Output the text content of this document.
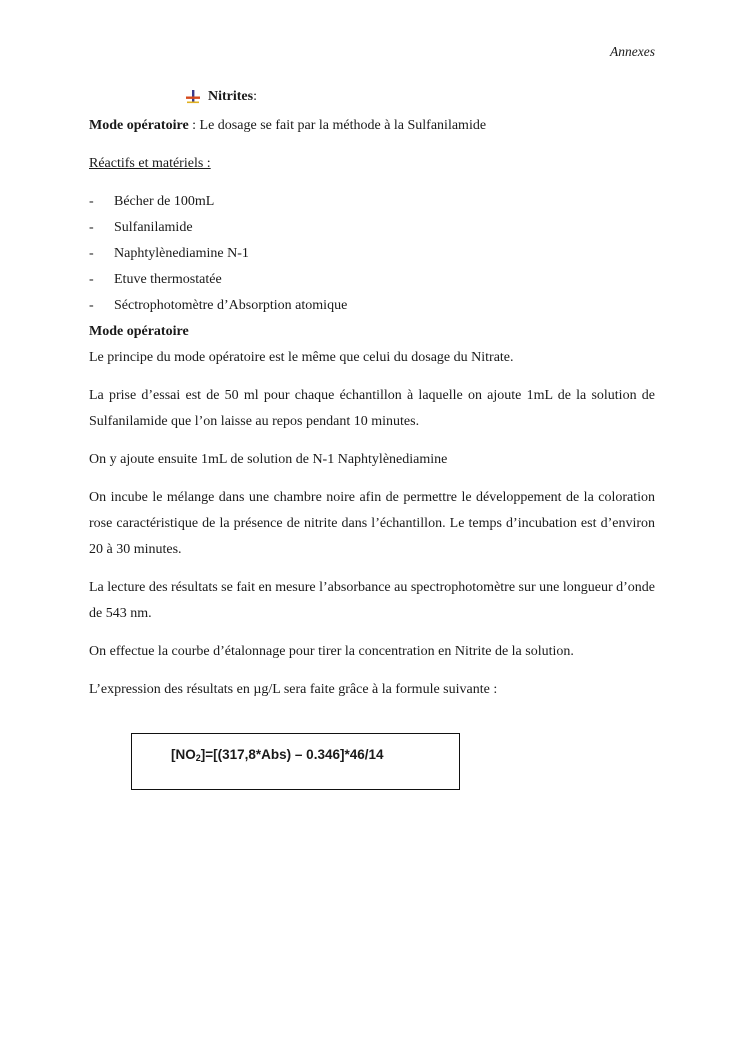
Annexes
Nitrites :

Mode opératoire : Le dosage se fait par la méthode à la Sulfanilamide

Réactifs et matériels :

-	Bécher de 100mL
-	Sulfanilamide
-	Naphtylènediamine N-1
-	Etuve thermostatée
-	Séctrophotomètre d’Absorption atomique

Mode opératoire

Le principe du mode opératoire est le même que celui du dosage du Nitrate.

La prise d’essai est de 50 ml pour chaque échantillon à laquelle on ajoute 1mL de la solution de Sulfanilamide que l’on laisse au repos pendant 10 minutes.

On y ajoute ensuite 1mL de solution de N-1 Naphtylènediamine

On incube le mélange dans une chambre noire afin de permettre le développement de la coloration rose caractéristique de la présence de nitrite dans l’échantillon. Le temps d’incubation est d’environ 20 à 30 minutes.

La lecture des résultats se fait en mesure l’absorbance au spectrophotomètre sur une longueur d’onde de 543 nm.

On effectue la courbe d’étalonnage pour tirer la concentration en Nitrite de la solution.

L’expression des résultats en µg/L sera faite grâce à la formule suivante :

$[NO_2]=[(317,8*Abs) - 0.346]*46/14$
